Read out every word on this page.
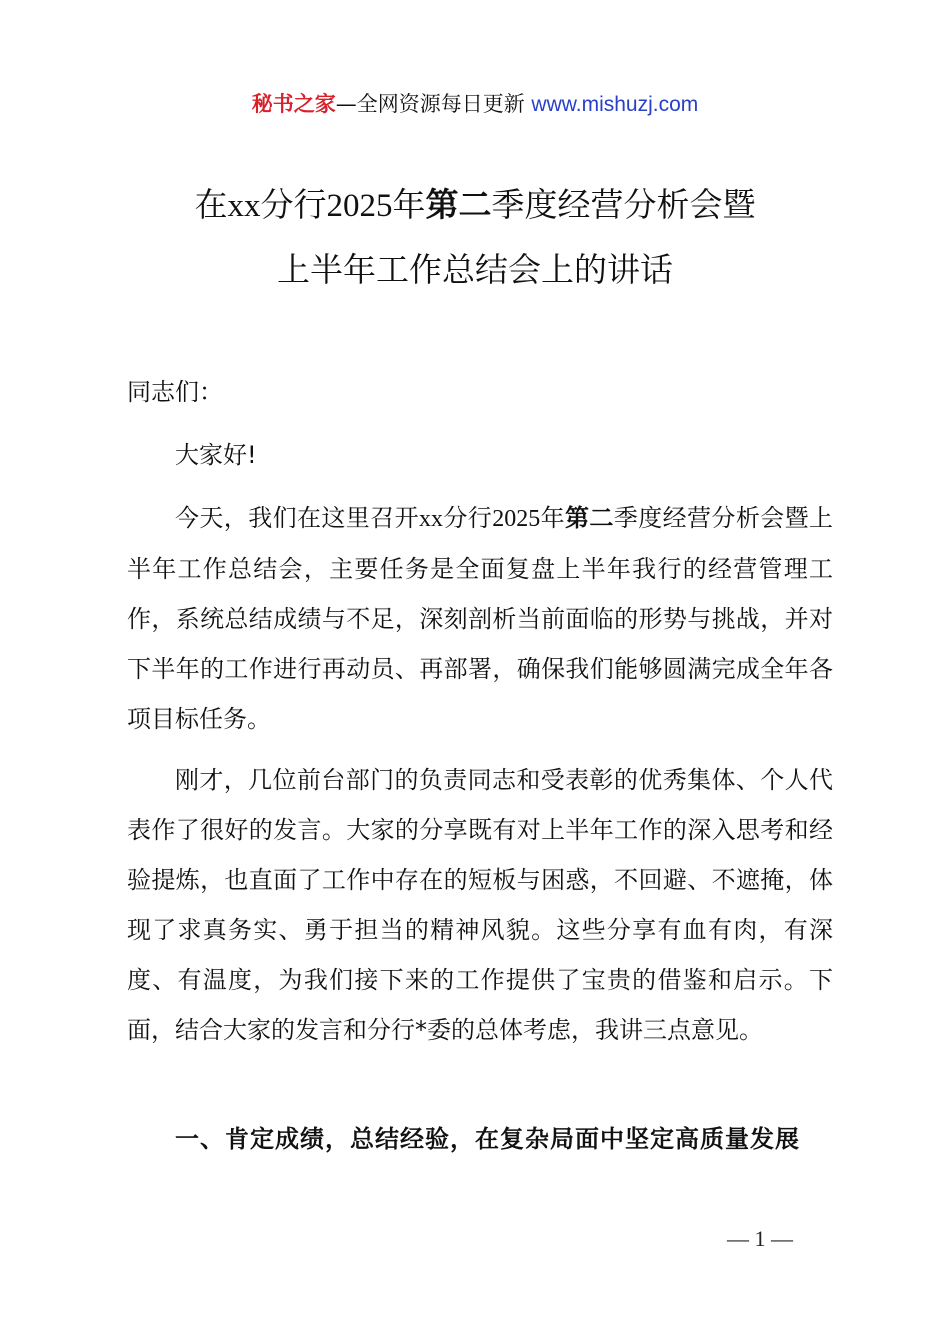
秘书之家—全网资源每日更新 www.mishuzj.com
在xx分行2025年第二季度经营分析会暨
上半年工作总结会上的讲话
同志们：
大家好!
今天，我们在这里召开xx分行2025年第二季度经营分析会暨上半年工作总结会，主要任务是全面复盘上半年我行的经营管理工作，系统总结成绩与不足，深刻剖析当前面临的形势与挑战，并对下半年的工作进行再动员、再部署，确保我们能够圆满完成全年各项目标任务。
刚才，几位前台部门的负责同志和受表彰的优秀集体、个人代表作了很好的发言。大家的分享既有对上半年工作的深入思考和经验提炼，也直面了工作中存在的短板与困惑，不回避、不遮掩，体现了求真务实、勇于担当的精神风貌。这些分享有血有肉，有深度、有温度，为我们接下来的工作提供了宝贵的借鉴和启示。下面，结合大家的发言和分行*委的总体考虑，我讲三点意见。
一、肯定成绩，总结经验，在复杂局面中坚定高质量发展
— 1 —
